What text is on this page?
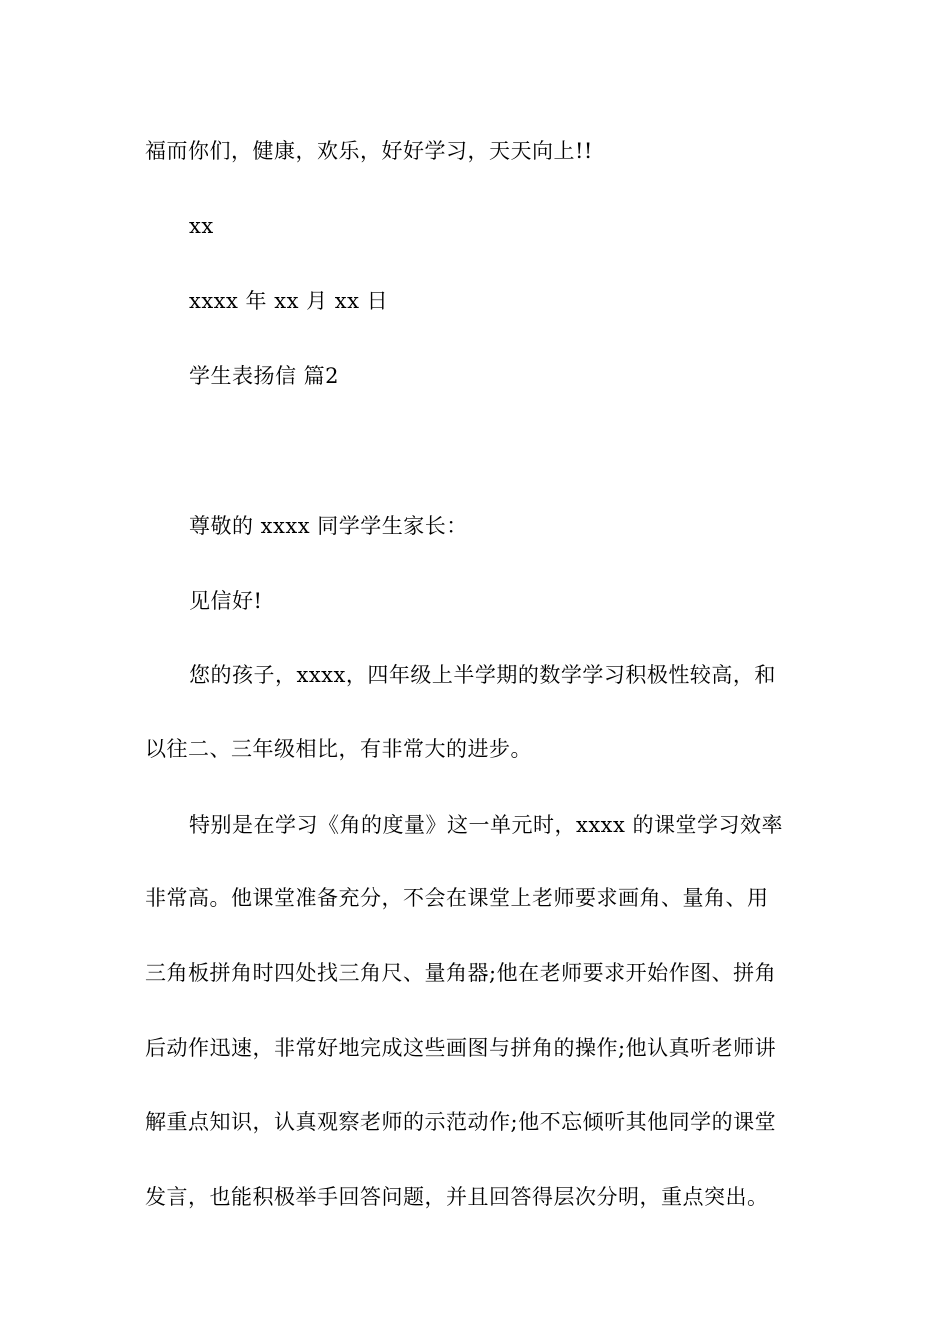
福而你们，健康，欢乐，好好学习，天天向上!!
xx
xxxx 年 xx 月 xx 日
学生表扬信 篇2
尊敬的 xxxx 同学学生家长：
见信好!
您的孩子，xxxx，四年级上半学期的数学学习积极性较高，和
以往二、三年级相比，有非常大的进步。
特别是在学习《角的度量》这一单元时，xxxx 的课堂学习效率
非常高。他课堂准备充分，不会在课堂上老师要求画角、量角、用
三角板拼角时四处找三角尺、量角器;他在老师要求开始作图、拼角
后动作迅速，非常好地完成这些画图与拼角的操作;他认真听老师讲
解重点知识，认真观察老师的示范动作;他不忘倾听其他同学的课堂
发言，也能积极举手回答问题，并且回答得层次分明，重点突出。
